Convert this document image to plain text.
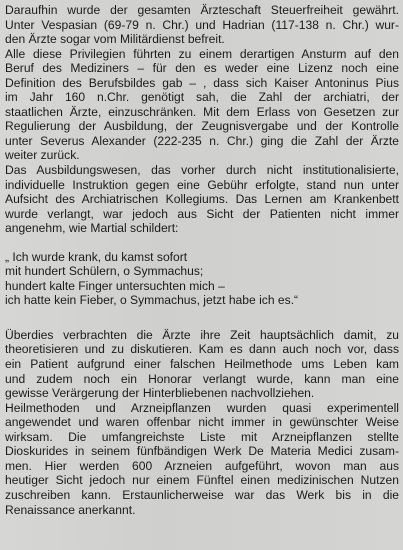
Daraufhin wurde der gesamten Ärzteschaft Steuerfreiheit gewährt.
Unter Vespasian (69-79 n. Chr.) und Hadrian (117-138 n. Chr.) wur-
den Ärzte sogar vom Militärdienst befreit.
Alle diese Privilegien führten zu einem derartigen Ansturm auf den
Beruf des Mediziners – für den es weder eine Lizenz noch eine
Definition des Berufsbildes gab – , dass sich Kaiser Antoninus Pius
im Jahr 160 n.Chr. genötigt sah, die Zahl der archiatri, der
staatlichen Ärzte, einzuschränken. Mit dem Erlass von Gesetzen zur
Regulierung der Ausbildung, der Zeugnisvergabe und der Kontrolle
unter Severus Alexander (222-235 n. Chr.) ging die Zahl der Ärzte
weiter zurück.
Das Ausbildungswesen, das vorher durch nicht institutionalisierte,
individuelle Instruktion gegen eine Gebühr erfolgte, stand nun unter
Aufsicht des Archiatrischen Kollegiums. Das Lernen am Krankenbett
wurde verlangt, war jedoch aus Sicht der Patienten nicht immer
angenehm, wie Martial schildert:
„ Ich wurde krank, du kamst sofort
mit hundert Schülern, o Symmachus;
hundert kalte Finger untersuchten mich –
ich hatte kein Fieber, o Symmachus, jetzt habe ich es.“
Überdies verbrachten die Ärzte ihre Zeit hauptsächlich damit, zu
theoretisieren und zu diskutieren. Kam es dann auch noch vor, dass
ein Patient aufgrund einer falschen Heilmethode ums Leben kam
und zudem noch ein Honorar verlangt wurde, kann man eine
gewisse Verärgerung der Hinterbliebenen nachvollziehen.
Heilmethoden und Arzneipflanzen wurden quasi experimentell
angewendet und waren offenbar nicht immer in gewünschter Weise
wirksam. Die umfangreichste Liste mit Arzneipflanzen stellte
Dioskurides in seinem fünfbändigen Werk De Materia Medici zusam-
men. Hier werden 600 Arzneien aufgeführt, wovon man aus
heutiger Sicht jedoch nur einem Fünftel einen medizinischen Nutzen
zuschreiben kann. Erstaunlicherweise war das Werk bis in die
Renaissance anerkannt.
